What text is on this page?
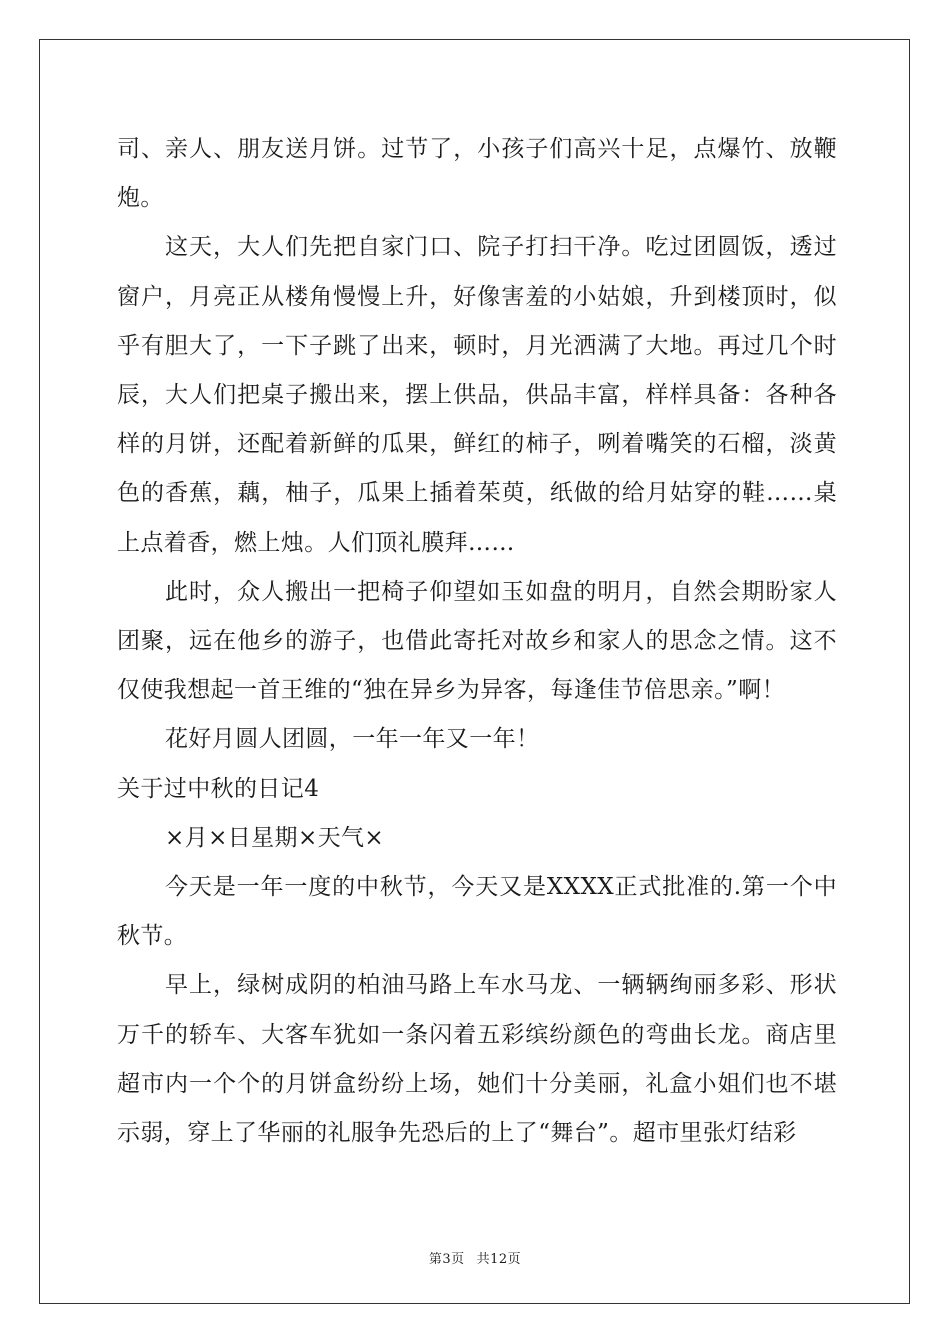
司、亲人、朋友送月饼。过节了，小孩子们高兴十足，点爆竹、放鞭炮。

这天，大人们先把自家门口、院子打扫干净。吃过团圆饭，透过窗户，月亮正从楼角慢慢上升，好像害羞的小姑娘，升到楼顶时，似乎有胆大了，一下子跳了出来，顿时，月光洒满了大地。再过几个时辰，大人们把桌子搬出来，摆上供品，供品丰富，样样具备：各种各样的月饼，还配着新鲜的瓜果，鲜红的柿子，咧着嘴笑的石榴，淡黄色的香蕉，藕，柚子，瓜果上插着茱萸，纸做的给月姑穿的鞋……桌上点着香，燃上烛。人们顶礼膜拜……

此时，众人搬出一把椅子仰望如玉如盘的明月，自然会期盼家人团聚，远在他乡的游子，也借此寄托对故乡和家人的思念之情。这不仅使我想起一首王维的“独在异乡为异客，每逢佳节倍思亲。”啊！

花好月圆人团圆，一年一年又一年！

关于过中秋的日记4

×月×日星期×天气×

今天是一年一度的中秋节，今天又是XXXX正式批准的.第一个中秋节。

早上，绿树成阴的柏油马路上车水马龙、一辆辆绚丽多彩、形状万千的轿车、大客车犹如一条闪着五彩缤纷颜色的弯曲长龙。商店里超市内一个个的月饼盒纷纷上场，她们十分美丽，礼盒小姐们也不堪示弱，穿上了华丽的礼服争先恐后的上了“舞台”。超市里张灯结彩

第3页 共12页
